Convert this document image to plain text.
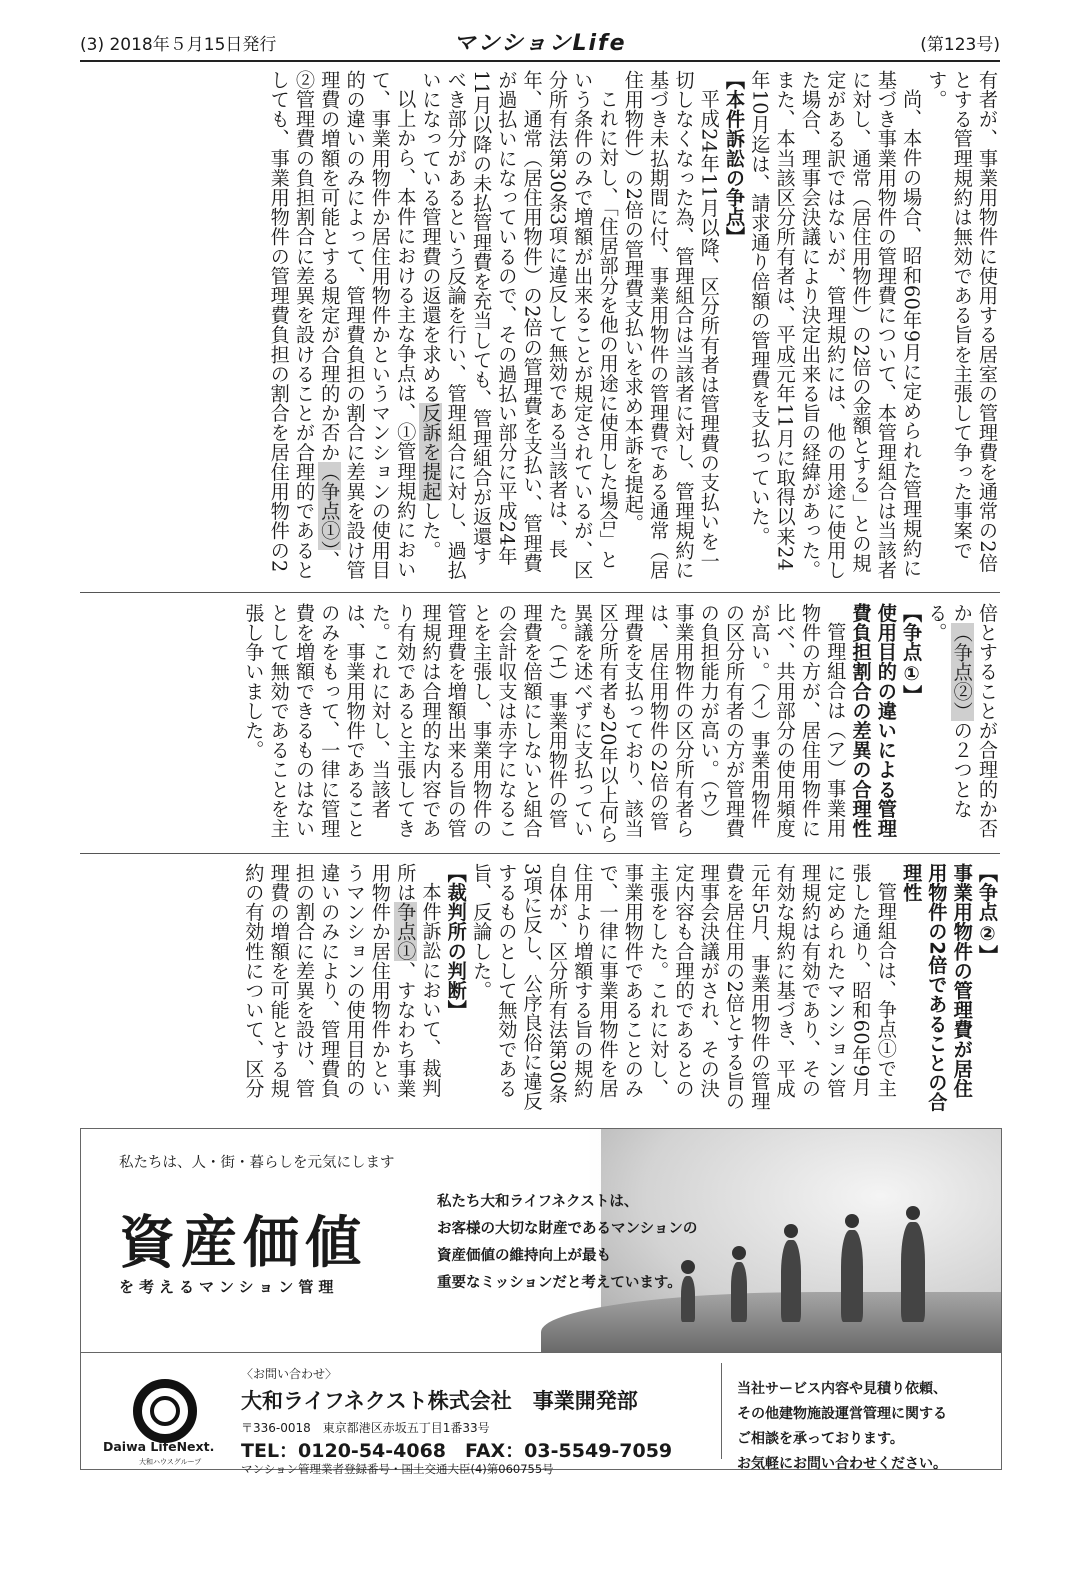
(3) 2018年５月15日発行	マンションLife	(第123号)

有者が、事業用物件に使用する居室の管理費を通常の2倍とする管理規約は無効である旨を主張して争った事案です。

尚、本件の場合、昭和60年9月に定められた管理規約に基づき事業用物件の管理費について、本管理組合は当該者に対し、通常（居住用物件）の2倍の金額とする」との規定がある訳ではないが、管理規約には、他の用途に使用した場合、理事会決議により決定出来る旨の経緯があった。また、本当該区分所有者は、平成元年11月に取得以来24年10月迄は、請求通り倍額の管理費を支払っていた。

【本件訴訟の争点】

平成24年11月以降、区分所有者は管理費の支払いを一切しなくなった為、管理組合は当該者に対し、管理規約に基づき未払期間に付、事業用物件の管理費である通常（居住用物件）の2倍の管理費支払いを求め本訴を提起。

これに対し、「住居部分を他の用途に使用した場合」という条件のみで増額が出来ることが規定されているが、区分所有法第30条3項に違反して無効である当該者は、長年、通常（居住用物件）の2倍の管理費を支払い、管理費が過払いになっているので、その過払い部分に平成24年11月以降の未払管理費を充当しても、管理組合が返還すべき部分があるという反論を行い、管理組合に対し、過払いになっている管理費の返還を求める反訴を提起した。

以上から、本件における主な争点は、①管理規約において、事業用物件か居住用物件かというマンションの使用目的の違いのみによって、管理費負担の割合に差異を設け管理費の増額を可能とする規定が合理的か否か（争点①）、②管理費の負担割合に差異を設けることが合理的であるとしても、事業用物件の管理費負担の割合を居住用物件の2

倍とすることが合理的か否か（争点②）の２つとなる。

【争点①】

使用目的の違いによる管理費負担割合の差異の合理性

管理組合は（ア）事業用物件の方が、居住用物件に比べ、共用部分の使用頻度が高い。（イ）事業用物件の区分所有者の方が管理費の負担能力が高い。（ウ）事業用物件の区分所有者らは、居住用物件の2倍の管理費を支払っており、該当区分所有者も20年以上何ら異議を述べずに支払っていた。（エ）事業用物件の管理費を倍額にしないと組合の会計収支は赤字になることを主張し、事業用物件の管理費を増額出来る旨の管理規約は合理的な内容であり有効であると主張してきた。これに対し、当該者は、事業用物件であることのみをもって、一律に管理費を増額できるものはないとして無効であることを主張し争いました。

【争点②】

事業用物件の管理費が居住用物件の2倍であることの合理性

管理組合は、争点①で主張した通り、昭和60年9月に定められたマンション管理規約は有効であり、その有効な規約に基づき、平成元年5月、事業用物件の管理費を居住用の2倍とする旨の理事会決議がされ、その決定内容も合理的であるとの主張をした。これに対し、事業用物件であることのみで、一律に事業用物件を居住用より増額する旨の規約自体が、区分所有法第30条3項に反し、公序良俗に違反するものとして無効である旨、反論した。

【裁判所の判断】

本件訴訟において、裁判所は争点①、すなわち事業用物件か居住用物件かというマンションの使用目的の違いのみにより、管理費負担の割合に差異を設け、管理費の増額を可能とする規約の有効性について、区分

私たちは、人・街・暮らしを元気にします
資産価値
を考えるマンション管理
私たち大和ライフネクストは、
お客様の大切な財産であるマンションの
資産価値の維持向上が最も
重要なミッションだと考えています。
Daiwa LifeNext.
大和ハウスグループ
〈お問い合わせ〉
大和ライフネクスト株式会社　事業開発部
〒336-0018　東京都港区赤坂五丁目1番33号
TEL：0120-54-4068　FAX：03-5549-7059
マンション管理業者登録番号・国土交通大臣(4)第060755号
当社サービス内容や見積り依頼、
その他建物施設運営管理に関する
ご相談を承っております。
お気軽にお問い合わせください。
